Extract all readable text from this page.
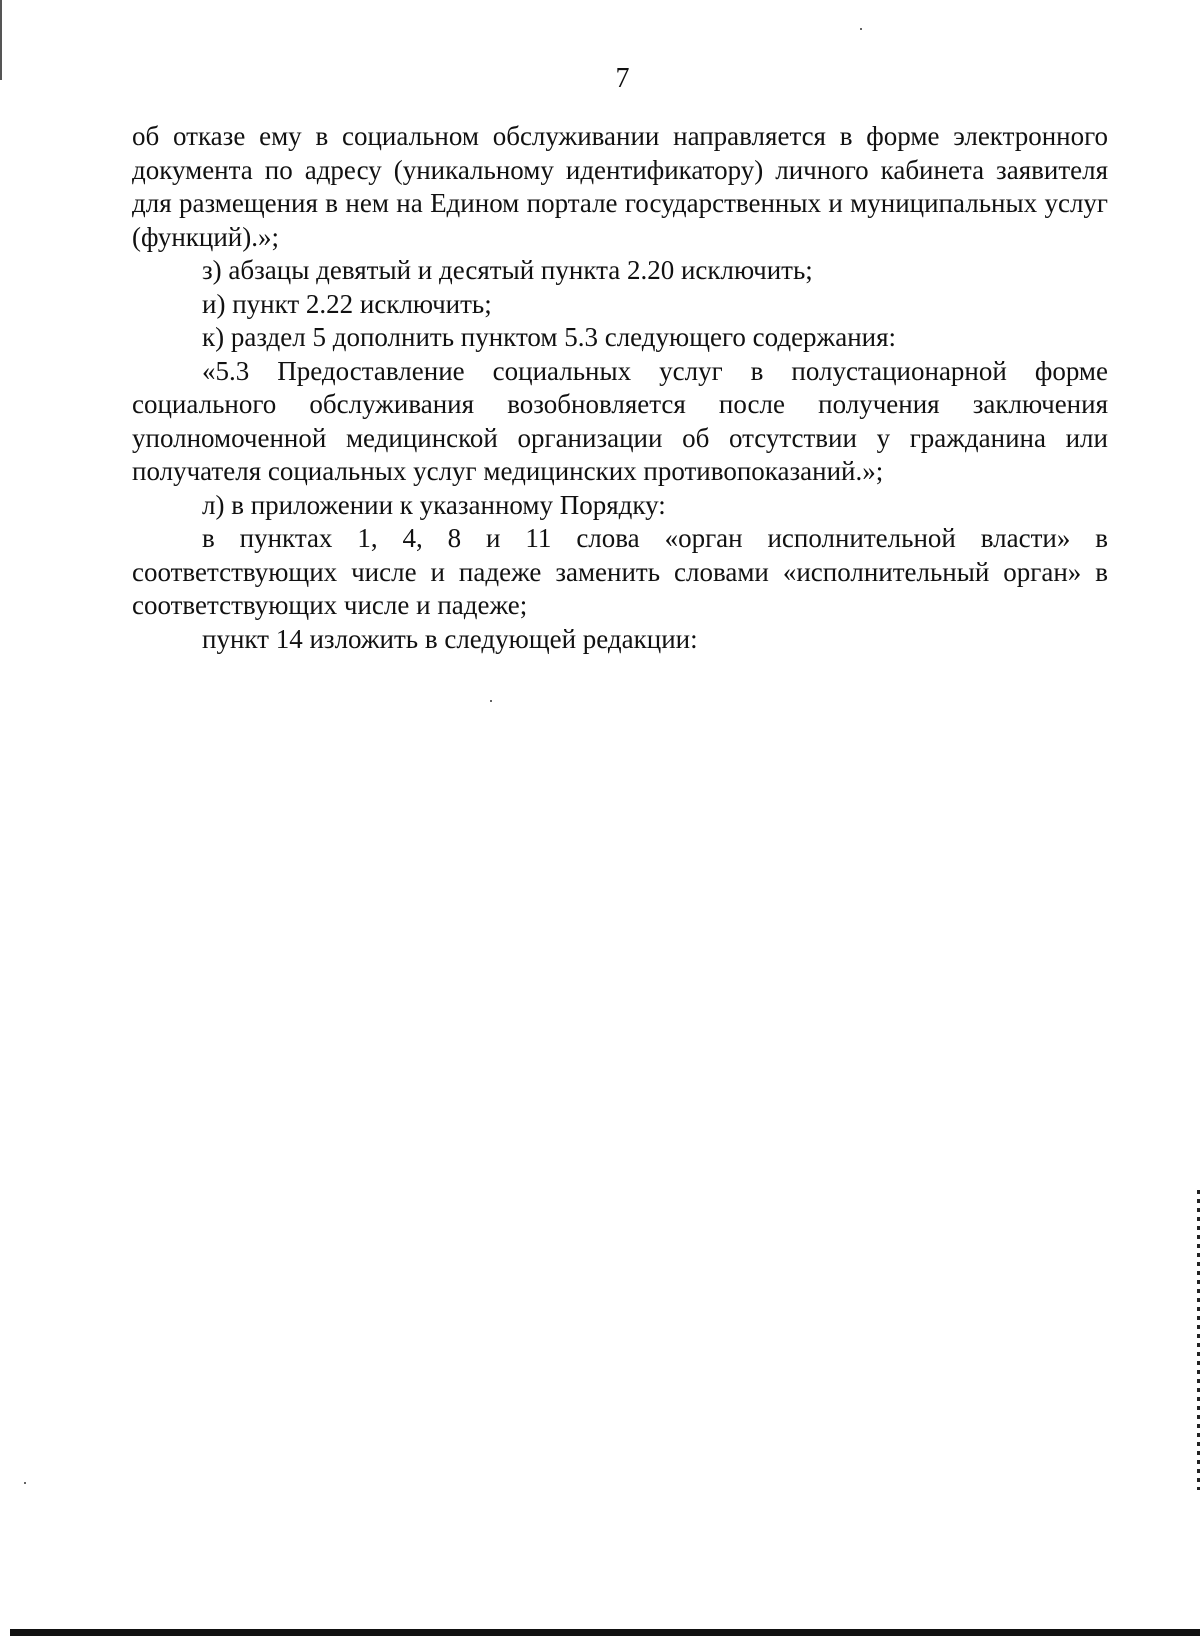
7

об отказе ему в социальном обслуживании направляется в форме электронного документа по адресу (уникальному идентификатору) личного кабинета заявителя для размещения в нем на Едином портале государственных и муниципальных услуг (функций).»;

з) абзацы девятый и десятый пункта 2.20 исключить;

и) пункт 2.22 исключить;

к) раздел 5 дополнить пунктом 5.3 следующего содержания:

«5.3 Предоставление социальных услуг в полустационарной форме социального обслуживания возобновляется после получения заключения уполномоченной медицинской организации об отсутствии у гражданина или получателя социальных услуг медицинских противопоказаний.»;

л) в приложении к указанному Порядку:

в пунктах 1, 4, 8 и 11 слова «орган исполнительной власти» в соответствующих числе и падеже заменить словами «исполнительный орган» в соответствующих числе и падеже;

пункт 14 изложить в следующей редакции:
